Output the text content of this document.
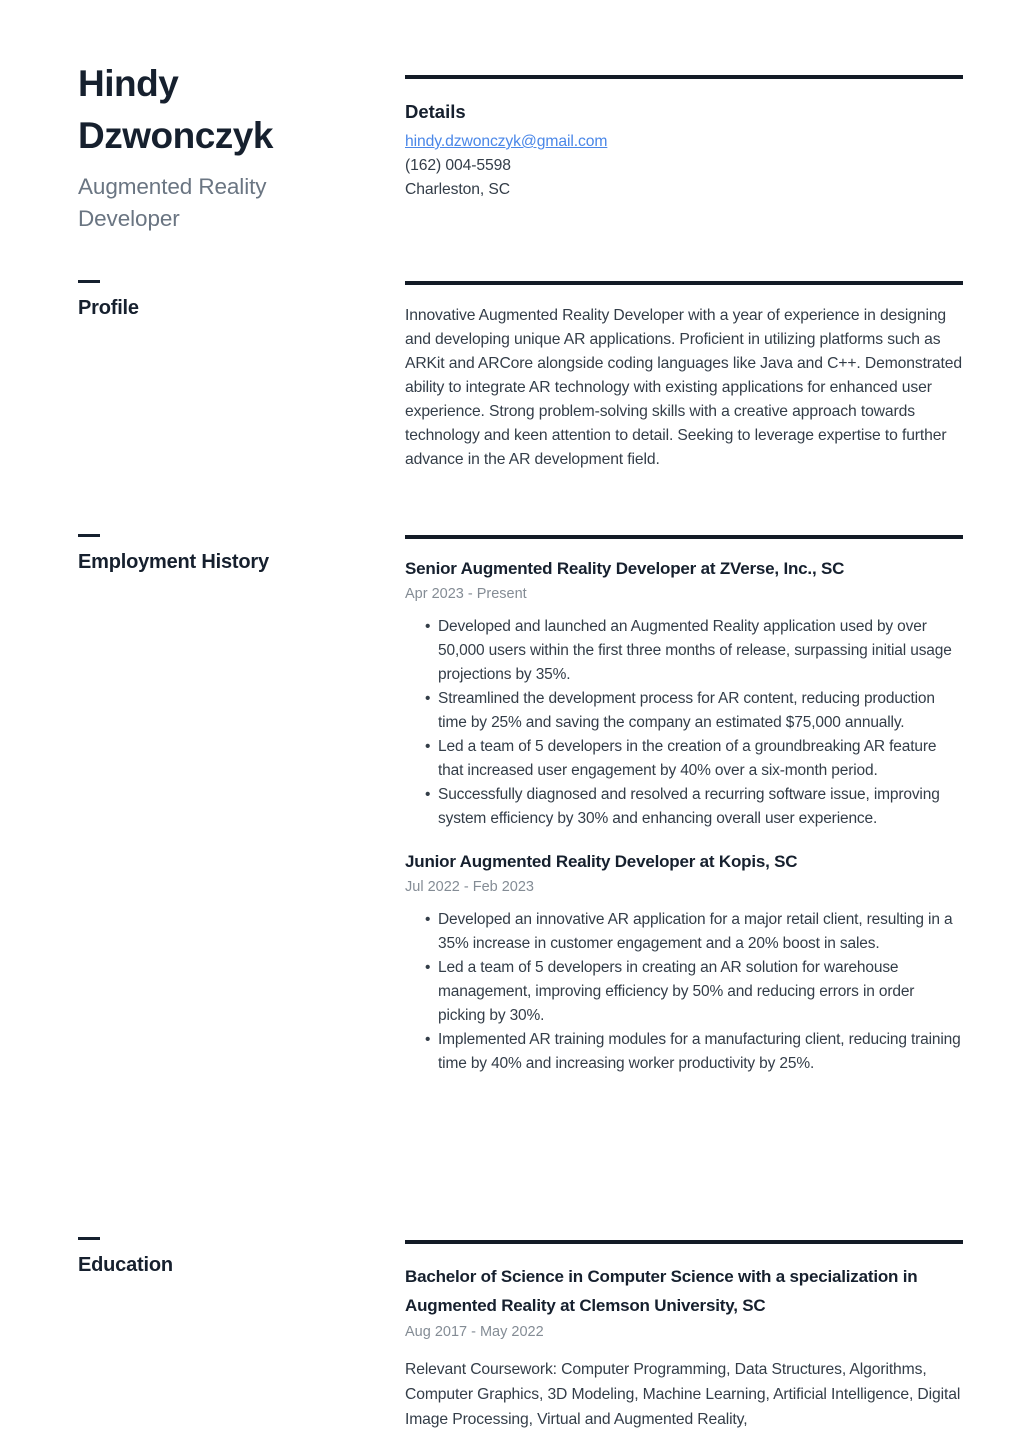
Hindy Dzwonczyk
Augmented Reality Developer
Profile
Employment History
Education
Details
hindy.dzwonczyk@gmail.com
(162) 004-5598
Charleston, SC
Innovative Augmented Reality Developer with a year of experience in designing and developing unique AR applications. Proficient in utilizing platforms such as ARKit and ARCore alongside coding languages like Java and C++. Demonstrated ability to integrate AR technology with existing applications for enhanced user experience. Strong problem-solving skills with a creative approach towards technology and keen attention to detail. Seeking to leverage expertise to further advance in the AR development field.
Senior Augmented Reality Developer at ZVerse, Inc., SC
Apr 2023 - Present
• Developed and launched an Augmented Reality application used by over 50,000 users within the first three months of release, surpassing initial usage projections by 35%.
• Streamlined the development process for AR content, reducing production time by 25% and saving the company an estimated $75,000 annually.
• Led a team of 5 developers in the creation of a groundbreaking AR feature that increased user engagement by 40% over a six-month period.
• Successfully diagnosed and resolved a recurring software issue, improving system efficiency by 30% and enhancing overall user experience.
Junior Augmented Reality Developer at Kopis, SC
Jul 2022 - Feb 2023
• Developed an innovative AR application for a major retail client, resulting in a 35% increase in customer engagement and a 20% boost in sales.
• Led a team of 5 developers in creating an AR solution for warehouse management, improving efficiency by 50% and reducing errors in order picking by 30%.
• Implemented AR training modules for a manufacturing client, reducing training time by 40% and increasing worker productivity by 25%.
Bachelor of Science in Computer Science with a specialization in Augmented Reality at Clemson University, SC
Aug 2017 - May 2022
Relevant Coursework: Computer Programming, Data Structures, Algorithms, Computer Graphics, 3D Modeling, Machine Learning, Artificial Intelligence, Digital Image Processing, Virtual and Augmented Reality,
